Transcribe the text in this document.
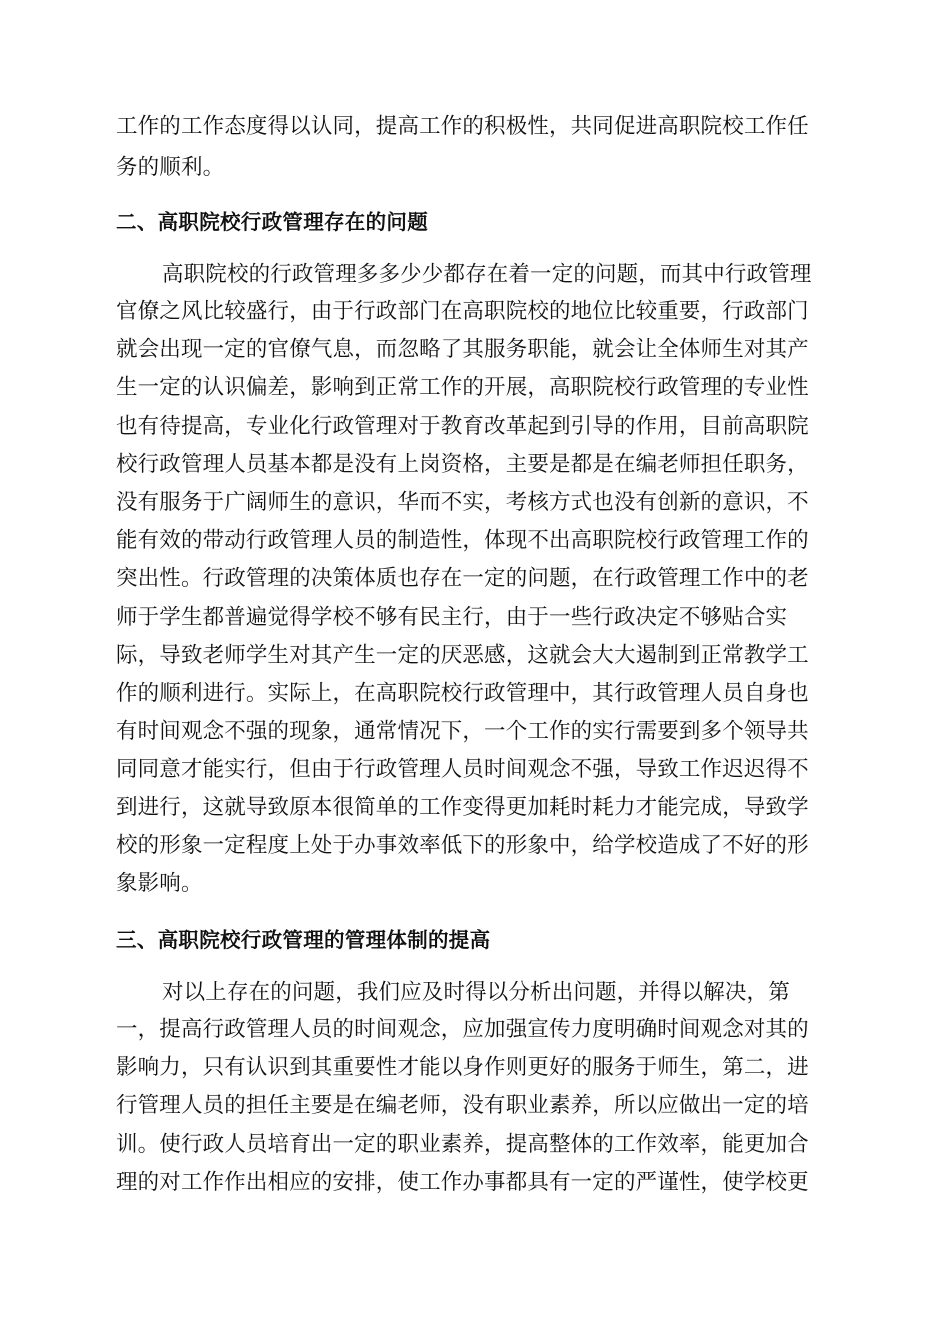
工作的工作态度得以认同，提高工作的积极性，共同促进高职院校工作任
务的顺利。
二、高职院校行政管理存在的问题
高职院校的行政管理多多少少都存在着一定的问题，而其中行政管理
官僚之风比较盛行，由于行政部门在高职院校的地位比较重要，行政部门
就会出现一定的官僚气息，而忽略了其服务职能，就会让全体师生对其产
生一定的认识偏差，影响到正常工作的开展，高职院校行政管理的专业性
也有待提高，专业化行政管理对于教育改革起到引导的作用，目前高职院
校行政管理人员基本都是没有上岗资格，主要是都是在编老师担任职务，
没有服务于广阔师生的意识，华而不实，考核方式也没有创新的意识，不
能有效的带动行政管理人员的制造性，体现不出高职院校行政管理工作的
突出性。行政管理的决策体质也存在一定的问题，在行政管理工作中的老
师于学生都普遍觉得学校不够有民主行，由于一些行政决定不够贴合实
际，导致老师学生对其产生一定的厌恶感，这就会大大遏制到正常教学工
作的顺利进行。实际上，在高职院校行政管理中，其行政管理人员自身也
有时间观念不强的现象，通常情况下，一个工作的实行需要到多个领导共
同同意才能实行，但由于行政管理人员时间观念不强，导致工作迟迟得不
到进行，这就导致原本很简单的工作变得更加耗时耗力才能完成，导致学
校的形象一定程度上处于办事效率低下的形象中，给学校造成了不好的形
象影响。
三、高职院校行政管理的管理体制的提高
对以上存在的问题，我们应及时得以分析出问题，并得以解决，第
一，提高行政管理人员的时间观念，应加强宣传力度明确时间观念对其的
影响力，只有认识到其重要性才能以身作则更好的服务于师生，第二，进
行管理人员的担任主要是在编老师，没有职业素养，所以应做出一定的培
训。使行政人员培育出一定的职业素养，提高整体的工作效率，能更加合
理的对工作作出相应的安排，使工作办事都具有一定的严谨性，使学校更
